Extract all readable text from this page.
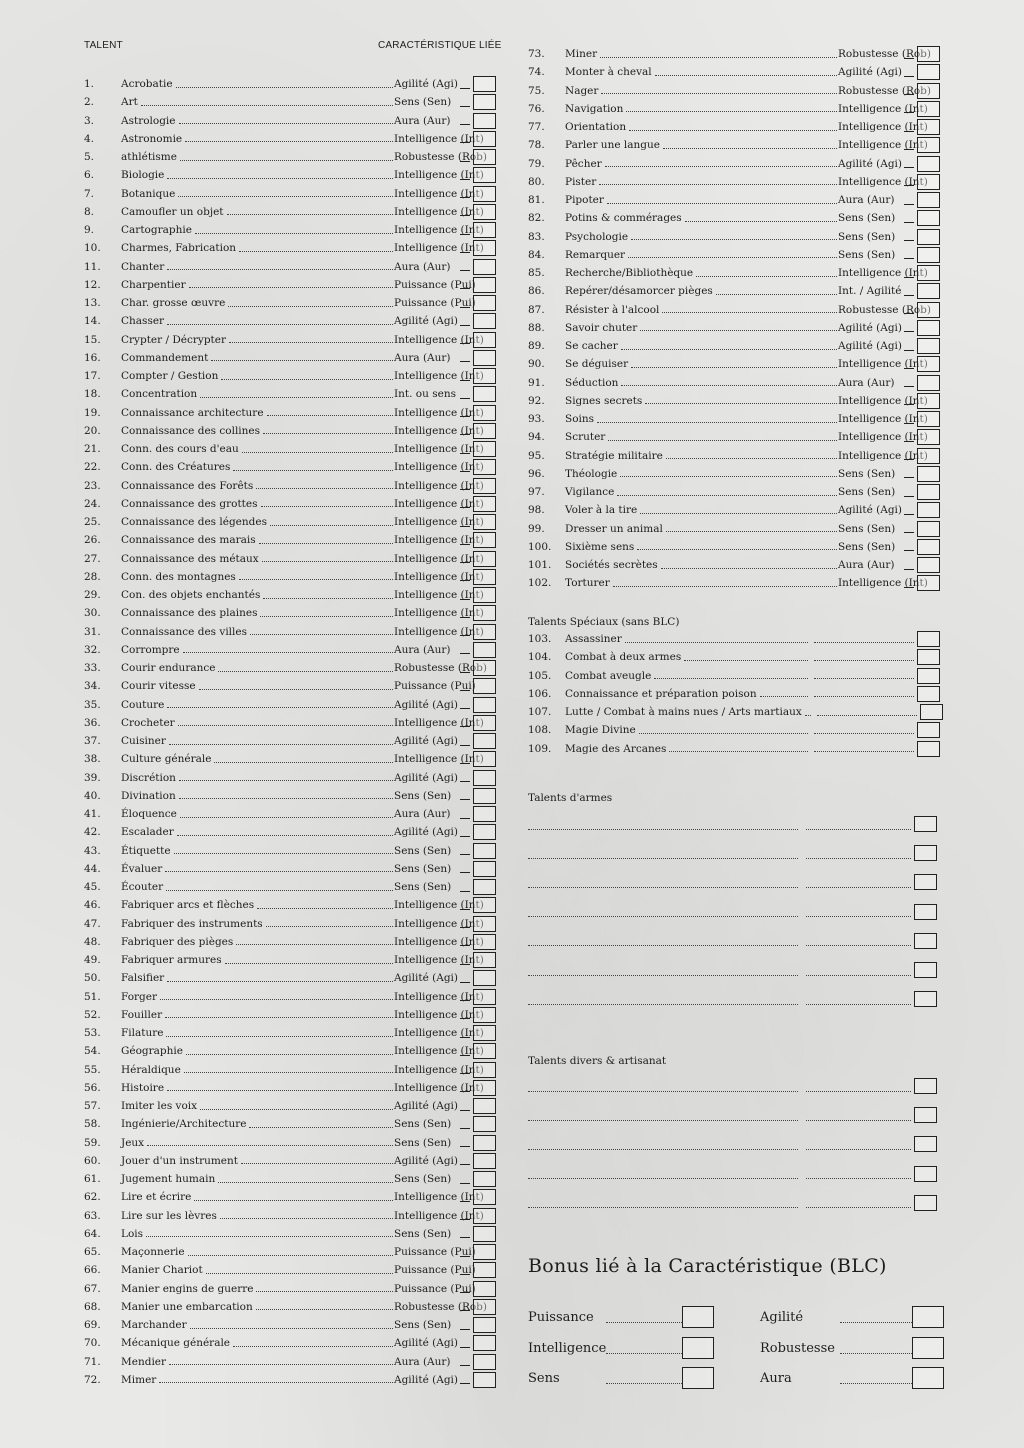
TALENT	CARACTÉRISTIQUE LIÉE
1.	Acrobatie	Agilité (Agi)
2.	Art	Sens (Sen)
3.	Astrologie	Aura (Aur)
4.	Astronomie	Intelligence (Int)
5.	athlétisme	Robustesse (Rob)
6.	Biologie	Intelligence (Int)
7.	Botanique	Intelligence (Int)
8.	Camoufler un objet	Intelligence (Int)
9.	Cartographie	Intelligence (Int)
10.	Charmes, Fabrication	Intelligence (Int)
11.	Chanter	Aura (Aur)
12.	Charpentier	Puissance (Pui)
13.	Char. grosse œuvre	Puissance (Pui)
14.	Chasser	Agilité (Agi)
15.	Crypter / Décrypter	Intelligence (Int)
16.	Commandement	Aura (Aur)
17.	Compter / Gestion	Intelligence (Int)
18.	Concentration	Int. ou sens
19.	Connaissance architecture	Intelligence (Int)
20.	Connaissance des collines	Intelligence (Int)
21.	Conn. des cours d'eau	Intelligence (Int)
22.	Conn. des Créatures	Intelligence (Int)
23.	Connaissance des Forêts	Intelligence (Int)
24.	Connaissance des grottes	Intelligence (Int)
25.	Connaissance des légendes	Intelligence (Int)
26.	Connaissance des marais	Intelligence (Int)
27.	Connaissance des métaux	Intelligence (Int)
28.	Conn. des montagnes	Intelligence (Int)
29.	Con. des objets enchantés	Intelligence (Int)
30.	Connaissance des plaines	Intelligence (Int)
31.	Connaissance des villes	Intelligence (Int)
32.	Corrompre	Aura (Aur)
33.	Courir endurance	Robustesse (Rob)
34.	Courir vitesse	Puissance (Pui)
35.	Couture	Agilité (Agi)
36.	Crocheter	Intelligence (Int)
37.	Cuisiner	Agilité (Agi)
38.	Culture générale	Intelligence (Int)
39.	Discrétion	Agilité (Agi)
40.	Divination	Sens (Sen)
41.	Éloquence	Aura (Aur)
42.	Escalader	Agilité (Agi)
43.	Étiquette	Sens (Sen)
44.	Évaluer	Sens (Sen)
45.	Écouter	Sens (Sen)
46.	Fabriquer arcs et flèches	Intelligence (Int)
47.	Fabriquer des instruments	Intelligence (Int)
48.	Fabriquer des pièges	Intelligence (Int)
49.	Fabriquer armures	Intelligence (Int)
50.	Falsifier	Agilité (Agi)
51.	Forger	Intelligence (Int)
52.	Fouiller	Intelligence (Int)
53.	Filature	Intelligence (Int)
54.	Géographie	Intelligence (Int)
55.	Héraldique	Intelligence (Int)
56.	Histoire	Intelligence (Int)
57.	Imiter les voix	Agilité (Agi)
58.	Ingénierie/Architecture	Sens (Sen)
59.	Jeux	Sens (Sen)
60.	Jouer d'un instrument	Agilité (Agi)
61.	Jugement humain	Sens (Sen)
62.	Lire et écrire	Intelligence (Int)
63.	Lire sur les lèvres	Intelligence (Int)
64.	Lois	Sens (Sen)
65.	Maçonnerie	Puissance (Pui)
66.	Manier Chariot	Puissance (Pui)
67.	Manier engins de guerre	Puissance (Pui)
68.	Manier une embarcation	Robustesse (Rob)
69.	Marchander	Sens (Sen)
70.	Mécanique générale	Agilité (Agi)
71.	Mendier	Aura (Aur)
72.	Mimer	Agilité (Agi)
73.	Miner	Robustesse (Rob)
74.	Monter à cheval	Agilité (Agi)
75.	Nager	Robustesse (Rob)
76.	Navigation	Intelligence (Int)
77.	Orientation	Intelligence (Int)
78.	Parler une langue	Intelligence (Int)
79.	Pêcher	Agilité (Agi)
80.	Pister	Intelligence (Int)
81.	Pipoter	Aura (Aur)
82.	Potins & commérages	Sens (Sen)
83.	Psychologie	Sens (Sen)
84.	Remarquer	Sens (Sen)
85.	Recherche/Bibliothèque	Intelligence (Int)
86.	Repérer/désamorcer pièges	Int. / Agilité
87.	Résister à l'alcool	Robustesse (Rob)
88.	Savoir chuter	Agilité (Agi)
89.	Se cacher	Agilité (Agi)
90.	Se déguiser	Intelligence (Int)
91.	Séduction	Aura (Aur)
92.	Signes secrets	Intelligence (Int)
93.	Soins	Intelligence (Int)
94.	Scruter	Intelligence (Int)
95.	Stratégie militaire	Intelligence (Int)
96.	Théologie	Sens (Sen)
97.	Vigilance	Sens (Sen)
98.	Voler à la tire	Agilité (Agi)
99.	Dresser un animal	Sens (Sen)
100.	Sixième sens	Sens (Sen)
101.	Sociétés secrètes	Aura (Aur)
102.	Torturer	Intelligence (Int)
Talents Spéciaux (sans BLC)
103.	Assassiner
104.	Combat à deux armes
105.	Combat aveugle
106.	Connaissance et préparation poison
107.	Lutte / Combat à mains nues / Arts martiaux
108.	Magie Divine
109.	Magie des Arcanes
Talents d'armes
Talents divers & artisanat
Bonus lié à la Caractéristique (BLC)
Puissance
Intelligence
Sens
Agilité
Robustesse
Aura
